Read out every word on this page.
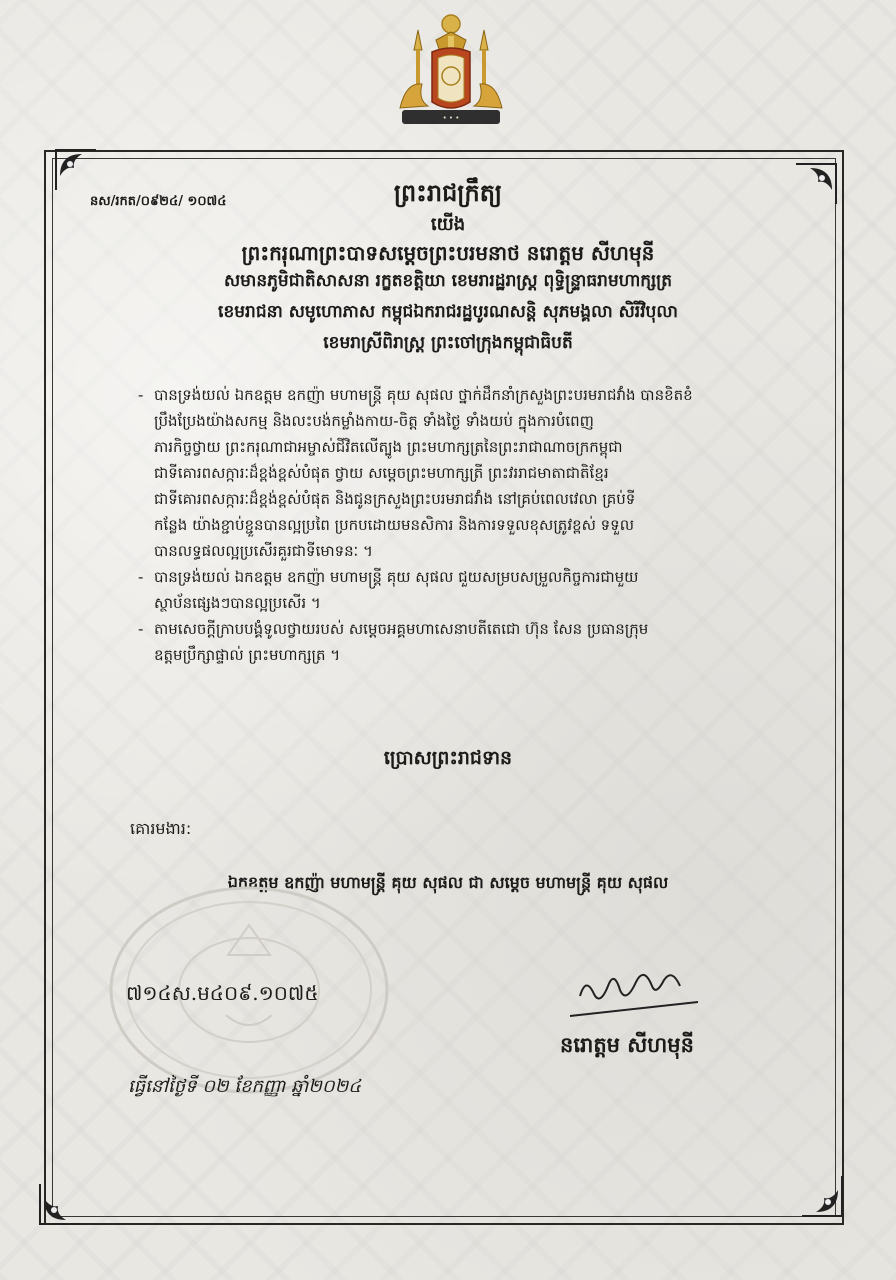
• • •
នស/រកត/០៩២៤/ ១០៧៤	ព្រះរាជក្រឹត្យ
យើង
ព្រះករុណាព្រះបាទសម្ដេចព្រះបរមនាថ នរោត្តម សីហមុនី
សមានភូមិជាតិសាសនា រក្ខតខត្តិយា ខេមរារដ្ឋរាស្ត្រ ពុទ្ធិន្ទ្រាធរាមហាក្សត្រ
ខេមរាជនា សមូហោភាស កម្ពុជឯករាជរដ្ឋបូរណសន្តិ សុភមង្គលា សិរីវិបុលា
ខេមរាស្រីពិរាស្ត្រ ព្រះចៅក្រុងកម្ពុជាធិបតី
- បានទ្រង់យល់ ឯកឧត្តម ឧកញ៉ា មហាមន្ត្រី គុយ សុផល ថ្នាក់ដឹកនាំក្រសួងព្រះបរមរាជវាំង បានខិតខំ
ប្រឹងប្រែងយ៉ាងសកម្ម និងលះបង់កម្លាំងកាយ-ចិត្ត ទាំងថ្ងៃ ទាំងយប់ ក្នុងការបំពេញ
ភារកិច្ចថ្វាយ ព្រះករុណាជាអម្ចាស់ជីវិតលើត្បូង ព្រះមហាក្សត្រនៃព្រះរាជាណាចក្រកម្ពុជា
ជាទីគោរពសក្ការៈដ៏ខ្ពង់ខ្ពស់បំផុត ថ្វាយ សម្ដេចព្រះមហាក្សត្រី ព្រះវររាជមាតាជាតិខ្មែរ
ជាទីគោរពសក្ការៈដ៏ខ្ពង់ខ្ពស់បំផុត និងជូនក្រសួងព្រះបរមរាជវាំង នៅគ្រប់ពេលវេលា គ្រប់ទី
កន្លែង យ៉ាងខ្ជាប់ខ្ជួនបានល្អប្រពៃ ប្រកបដោយមនសិការ និងការទទួលខុសត្រូវខ្ពស់ ទទួល
បានលទ្ធផលល្អប្រសើរគួរជាទីមោទនៈ ។
- បានទ្រង់យល់ ឯកឧត្តម ឧកញ៉ា មហាមន្ត្រី គុយ សុផល ជួយសម្របសម្រួលកិច្ចការជាមួយ
ស្ថាប័នផ្សេងៗបានល្អប្រសើរ ។
- តាមសេចក្តីក្រាបបង្គំទូលថ្វាយរបស់ សម្តេចអគ្គមហាសេនាបតីតេជោ ហ៊ុន សែន ប្រធានក្រុម
ឧត្តមប្រឹក្សាផ្ទាល់ ព្រះមហាក្សត្រ ។
ប្រោសព្រះរាជទាន
គោរមងារ:
ឯកឧត្តម ឧកញ៉ា មហាមន្ត្រី គុយ សុផល ជា សម្តេច មហាមន្ត្រី គុយ សុផល
៧១៤ស.ម៤០៩.១០៧៥
ធ្វើនៅថ្ងៃទី ០២ ខែកញ្ញា ឆ្នាំ២០២៤
នរោត្តម សីហមុនី
